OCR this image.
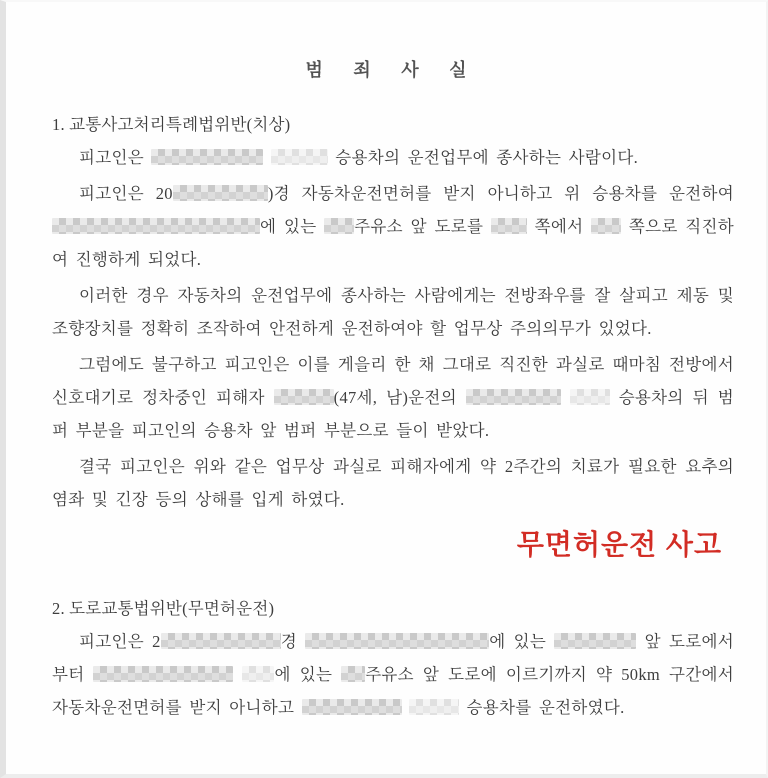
범 죄 사 실
1. 교통사고처리특례법위반(치상)

피고인은	승용차의 운전업무에 종사하는 사람이다.

피고인은 20	)경 자동차운전면허를 받지 아니하고 위 승용차를 운전하여 에 있는 주유소 앞 도로를  쪽에서  쪽으로 직진하여 진행하게 되었다.

이러한 경우 자동차의 운전업무에 종사하는 사람에게는 전방좌우를 잘 살피고 제동 및 조향장치를 정확히 조작하여 안전하게 운전하여야 할 업무상 주의의무가 있었다.

그럼에도 불구하고 피고인은 이를 게을리 한 채 그대로 직진한 과실로 때마침 전방에서 신호대기로 정차중인 피해자	(47세, 남)운전의	승용차의 뒤 범퍼 부분을 피고인의 승용차 앞 범퍼 부분으로 들이 받았다.

결국 피고인은 위와 같은 업무상 과실로 피해자에게 약 2주간의 치료가 필요한 요추의 염좌 및 긴장 등의 상해를 입게 하였다.

무면허운전 사고
2. 도로교통법위반(무면허운전)

피고인은 2	경	에 있는	앞 도로에서부터	에 있는 주유소 앞 도로에 이르기까지 약 50km 구간에서 자동차운전면허를 받지 아니하고	승용차를 운전하였다.
